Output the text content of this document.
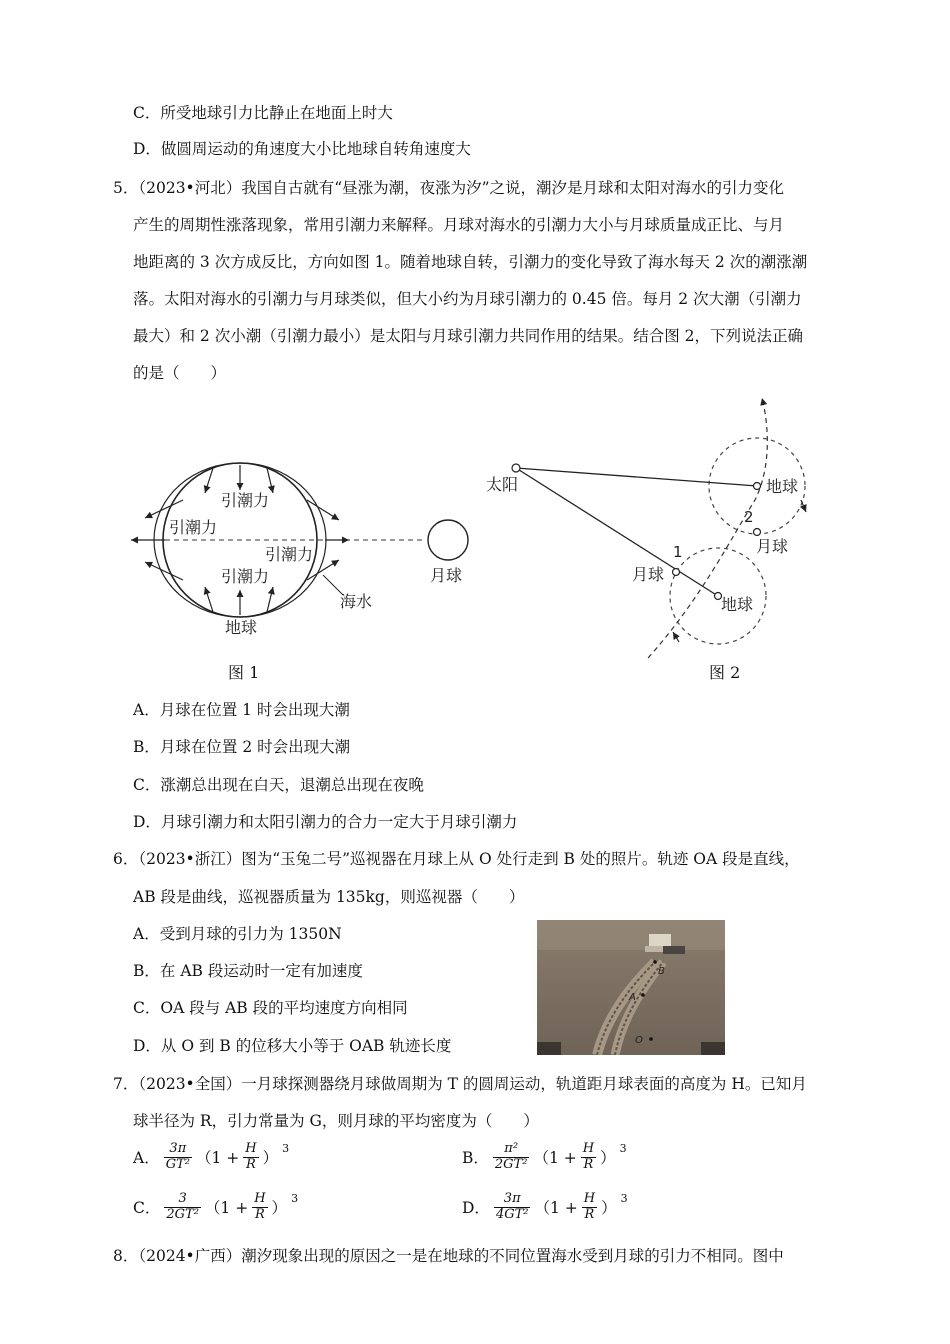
C．所受地球引力比静止在地面上时大
D．做圆周运动的角速度大小比地球自转角速度大
5．（2023•河北）我国自古就有“昼涨为潮，夜涨为汐”之说，潮汐是月球和太阳对海水的引力变化
产生的周期性涨落现象，常用引潮力来解释。月球对海水的引潮力大小与月球质量成正比、与月
地距离的 3 次方成反比，方向如图 1。随着地球自转，引潮力的变化导致了海水每天 2 次的潮涨潮
落。太阳对海水的引潮力与月球类似，但大小约为月球引潮力的 0.45 倍。每月 2 次大潮（引潮力
最大）和 2 次小潮（引潮力最小）是太阳与月球引潮力共同作用的结果。结合图 2，下列说法正确
的是（　　）
引潮力
引潮力
引潮力
引潮力
海水
地球
月球
图 1
太阳	地球
月球
月球
地球
1
2
图 2
A．月球在位置 1 时会出现大潮
B．月球在位置 2 时会出现大潮
C．涨潮总出现在白天，退潮总出现在夜晚
D．月球引潮力和太阳引潮力的合力一定大于月球引潮力
6．（2023•浙江）图为“玉兔二号”巡视器在月球上从 O 处行走到 B 处的照片。轨迹 OA 段是直线，
AB 段是曲线，巡视器质量为 135kg，则巡视器（　　）
A．受到月球的引力为 1350N
B．在 AB 段运动时一定有加速度
C．OA 段与 AB 段的平均速度方向相同
D．从 O 到 B 的位移大小等于 OAB 轨迹长度
B
A
O
7．（2023•全国）一月球探测器绕月球做周期为 T 的圆周运动，轨道距月球表面的高度为 H。已知月
球半径为 R，引力常量为 G，则月球的平均密度为（　　）
A． $\frac{3\pi}{\text{GT²}} (1 + \frac{H}{R}$ ）
3
B． $\frac{\text{π²}}{\text{2GT²}} (1 + \frac{H}{R}$ ）
3
C． $\frac{3}{\text{2GT²}} (1 + \frac{H}{R}$ ）
3
D． $\frac{3\pi}{\text{4GT²}} (1 + \frac{H}{R}$ ）
3
8．（2024•广西）潮汐现象出现的原因之一是在地球的不同位置海水受到月球的引力不相同。图中
